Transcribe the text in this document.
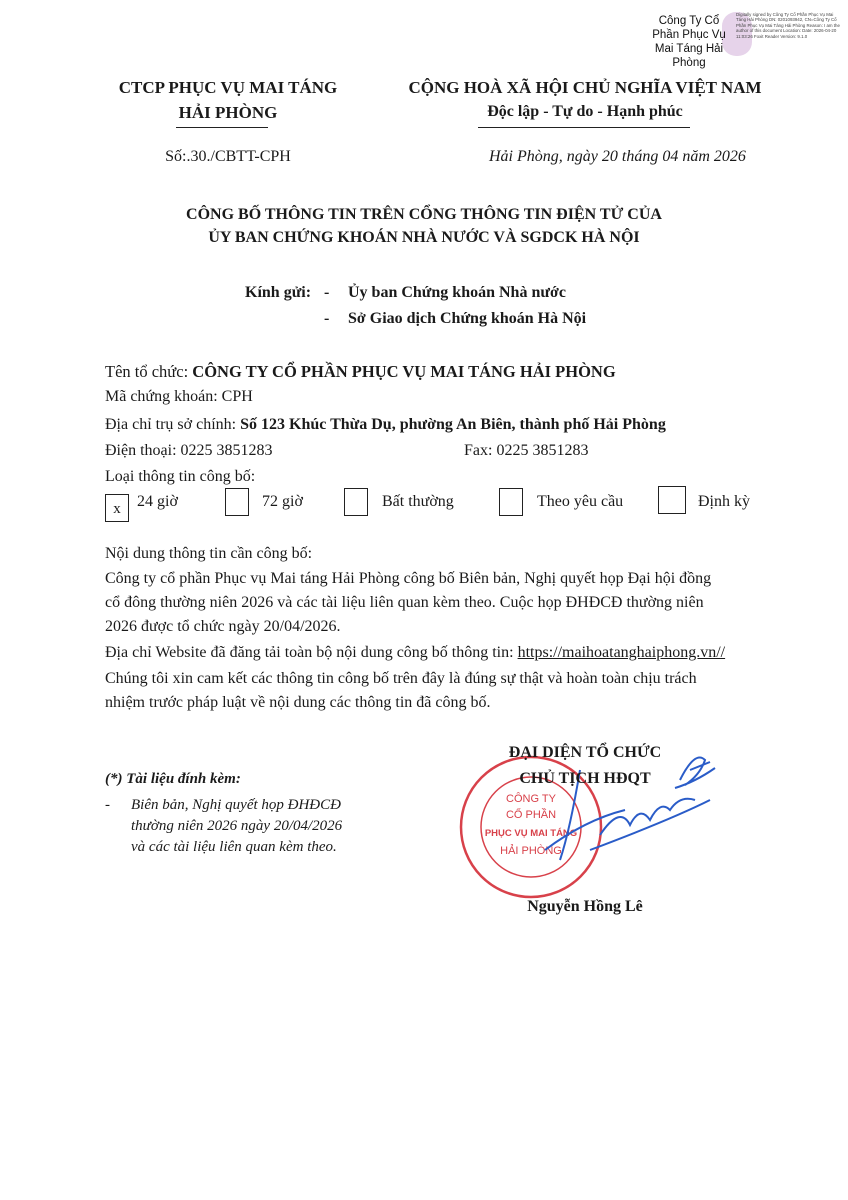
Công Ty Cổ Phần Phục Vụ Mai Táng Hải Phòng
Digitally signed by Công Ty Cổ Phần Phục Vụ Mai Táng Hải Phòng DN: 0201093942, CN=Công Ty Cổ Phần Phục Vụ Mai Táng Hải Phòng Reason: I am the author of this document Location: Date: 2026-04-20 11:03:26 Foxit Reader Version: 9.1.0
CTCP PHỤC VỤ MAI TÁNG
HẢI PHÒNG
CỘNG HOÀ XÃ HỘI CHỦ NGHĨA VIỆT NAM
Độc lập - Tự do - Hạnh phúc
Số:.30./CBTT-CPH	Hải Phòng, ngày 20 tháng 04 năm 2026
CÔNG BỐ THÔNG TIN TRÊN CỔNG THÔNG TIN ĐIỆN TỬ CỦA
ỦY BAN CHỨNG KHOÁN NHÀ NƯỚC VÀ SGDCK HÀ NỘI
Kính gửi: - Ủy ban Chứng khoán Nhà nước
- Sở Giao dịch Chứng khoán Hà Nội
Tên tổ chức: CÔNG TY CỔ PHẦN PHỤC VỤ MAI TÁNG HẢI PHÒNG
Mã chứng khoán: CPH
Địa chỉ trụ sở chính: Số 123 Khúc Thừa Dụ, phường An Biên, thành phố Hải Phòng
Điện thoại: 0225 3851283	Fax: 0225 3851283
Loại thông tin công bố:
x	24 giờ	72 giờ	Bất thường	Theo yêu cầu	Định kỳ
Nội dung thông tin cần công bố:
Công ty cổ phần Phục vụ Mai táng Hải Phòng công bố Biên bản, Nghị quyết họp Đại hội đồng
cổ đông thường niên 2026 và các tài liệu liên quan kèm theo. Cuộc họp ĐHĐCĐ thường niên
2026 được tổ chức ngày 20/04/2026.
Địa chỉ Website đã đăng tải toàn bộ nội dung công bố thông tin: https://maihoatanghaiphong.vn//
Chúng tôi xin cam kết các thông tin công bố trên đây là đúng sự thật và hoàn toàn chịu trách
nhiệm trước pháp luật về nội dung các thông tin đã công bố.
(*) Tài liệu đính kèm:
- Biên bản, Nghị quyết họp ĐHĐCĐ
thường niên 2026 ngày 20/04/2026
và các tài liệu liên quan kèm theo.
CÔNG TY
CỔ PHẦN
PHỤC VỤ MAI TÁNG
HẢI PHÒNG
ĐẠI DIỆN TỔ CHỨC
CHỦ TỊCH HĐQT
Nguyễn Hồng Lê
